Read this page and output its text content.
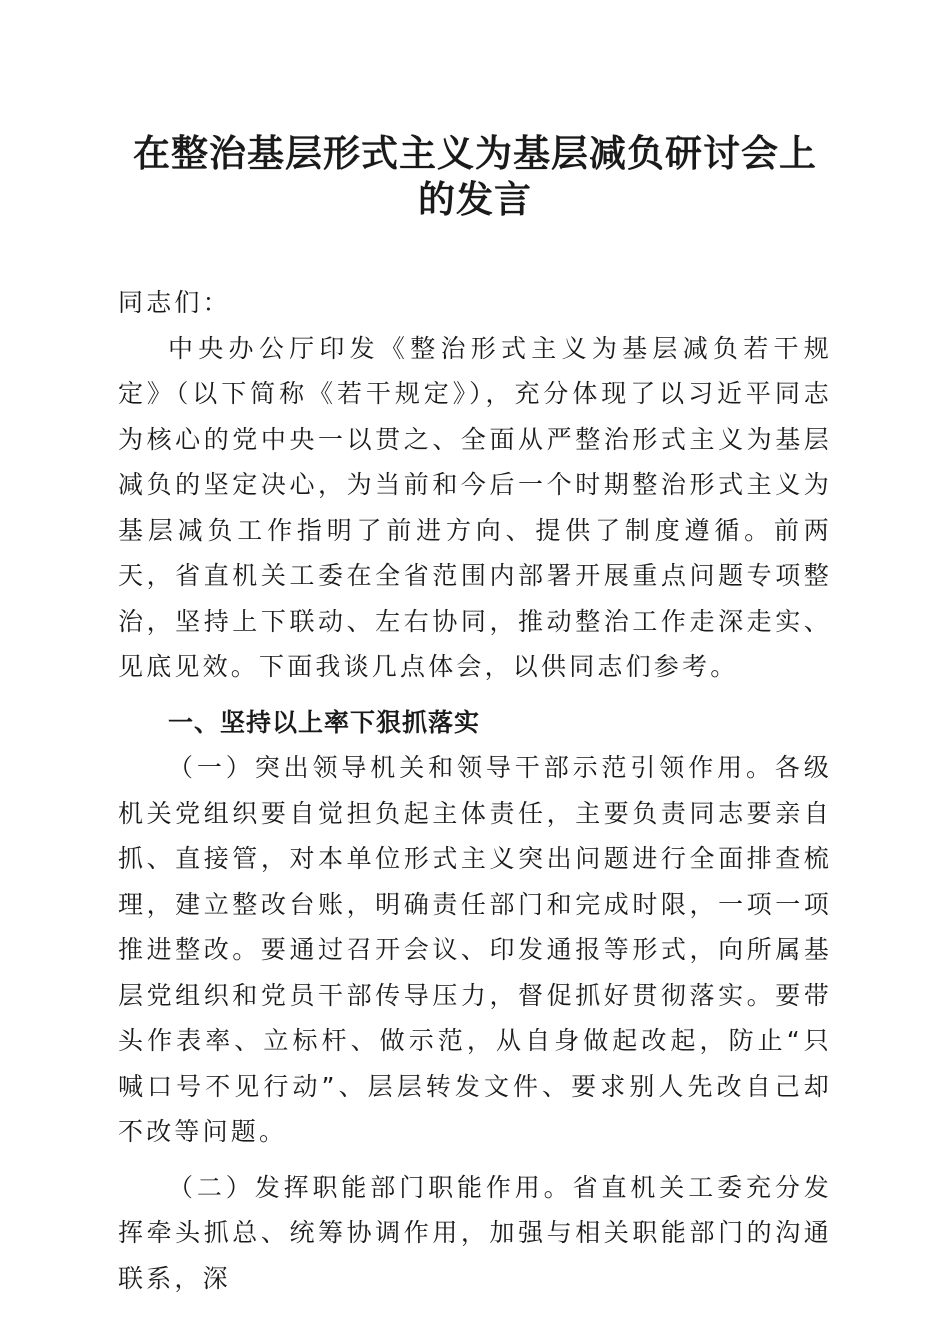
在整治基层形式主义为基层减负研讨会上的发言

同志们：

中央办公厅印发《整治形式主义为基层减负若干规定》（以下简称《若干规定》），充分体现了以习近平同志为核心的党中央一以贯之、全面从严整治形式主义为基层减负的坚定决心，为当前和今后一个时期整治形式主义为基层减负工作指明了前进方向、提供了制度遵循。前两天，省直机关工委在全省范围内部署开展重点问题专项整治，坚持上下联动、左右协同，推动整治工作走深走实、见底见效。下面我谈几点体会，以供同志们参考。

一、坚持以上率下狠抓落实

（一）突出领导机关和领导干部示范引领作用。各级机关党组织要自觉担负起主体责任，主要负责同志要亲自抓、直接管，对本单位形式主义突出问题进行全面排查梳理，建立整改台账，明确责任部门和完成时限，一项一项推进整改。要通过召开会议、印发通报等形式，向所属基层党组织和党员干部传导压力，督促抓好贯彻落实。要带头作表率、立标杆、做示范，从自身做起改起，防止“只喊口号不见行动”、层层转发文件、要求别人先改自己却不改等问题。

（二）发挥职能部门职能作用。省直机关工委充分发挥牵头抓总、统筹协调作用，加强与相关职能部门的沟通联系，深
